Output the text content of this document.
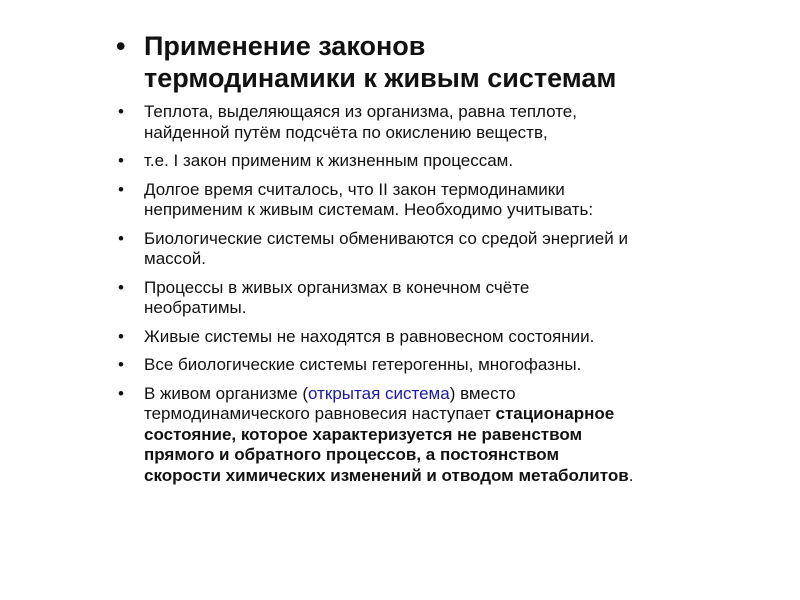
• Применение законов
термодинамики к живым системам
• Теплота, выделяющаяся из организма, равна теплоте,
найденной путём подсчёта по окислению веществ,
• т.е. I закон применим к жизненным процессам.
• Долгое время считалось, что II закон термодинамики
неприменим к живым системам. Необходимо учитывать:
• Биологические системы обмениваются со средой энергией и
массой.
• Процессы в живых организмах в конечном счёте
необратимы.
• Живые системы не находятся в равновесном состоянии.
• Все биологические системы гетерогенны, многофазны.
• В живом организме (открытая система) вместо
термодинамического равновесия наступает стационарное
состояние, которое характеризуется не равенством
прямого и обратного процессов, а постоянством
скорости химических изменений и отводом метаболитов.
